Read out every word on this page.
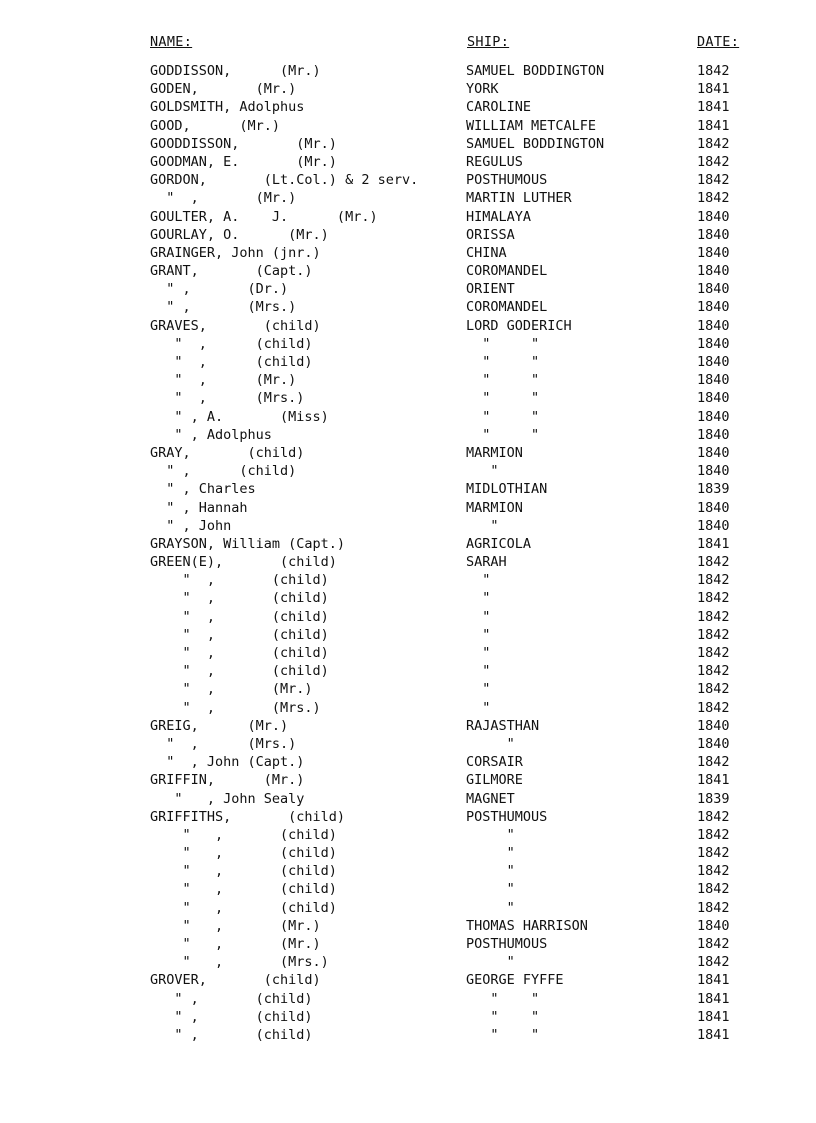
NAME:	SHIP:	DATE:
GODDISSON,      (Mr.)	SAMUEL BODDINGTON	1842
GODEN,       (Mr.)	YORK	1841
GOLDSMITH, Adolphus	CAROLINE	1841
GOOD,      (Mr.)	WILLIAM METCALFE	1841
GOODDISSON,       (Mr.)	SAMUEL BODDINGTON	1842
GOODMAN, E.       (Mr.)	REGULUS	1842
GORDON,       (Lt.Col.) & 2 serv.	POSTHUMOUS	1842
"  ,       (Mr.)	MARTIN LUTHER	1842
GOULTER, A.    J.      (Mr.)	HIMALAYA	1840
GOURLAY, O.      (Mr.)	ORISSA	1840
GRAINGER, John (jnr.)	CHINA	1840
GRANT,       (Capt.)	COROMANDEL	1840
" ,       (Dr.)	ORIENT	1840
" ,       (Mrs.)	COROMANDEL	1840
GRAVES,       (child)	LORD GODERICH	1840
"  ,      (child)	"     "	1840
"  ,      (child)	"     "	1840
"  ,      (Mr.)	"     "	1840
"  ,      (Mrs.)	"     "	1840
" , A.       (Miss)	"     "	1840
" , Adolphus	"     "	1840
GRAY,       (child)	MARMION	1840
" ,      (child)	"	1840
" , Charles	MIDLOTHIAN	1839
" , Hannah	MARMION	1840
" , John	"	1840
GRAYSON, William (Capt.)	AGRICOLA	1841
GREEN(E),       (child)	SARAH	1842
"  ,       (child)	"	1842
"  ,       (child)	"	1842
"  ,       (child)	"	1842
"  ,       (child)	"	1842
"  ,       (child)	"	1842
"  ,       (child)	"	1842
"  ,       (Mr.)	"	1842
"  ,       (Mrs.)	"	1842
GREIG,      (Mr.)	RAJASTHAN	1840
"  ,      (Mrs.)	"	1840
"  , John (Capt.)	CORSAIR	1842
GRIFFIN,      (Mr.)	GILMORE	1841
"   , John Sealy	MAGNET	1839
GRIFFITHS,       (child)	POSTHUMOUS	1842
"   ,       (child)	"	1842
"   ,       (child)	"	1842
"   ,       (child)	"	1842
"   ,       (child)	"	1842
"   ,       (child)	"	1842
"   ,       (Mr.)	THOMAS HARRISON	1840
"   ,       (Mr.)	POSTHUMOUS	1842
"   ,       (Mrs.)	"	1842
GROVER,       (child)	GEORGE FYFFE	1841
" ,       (child)	"    "	1841
" ,       (child)	"    "	1841
" ,       (child)	"    "	1841
